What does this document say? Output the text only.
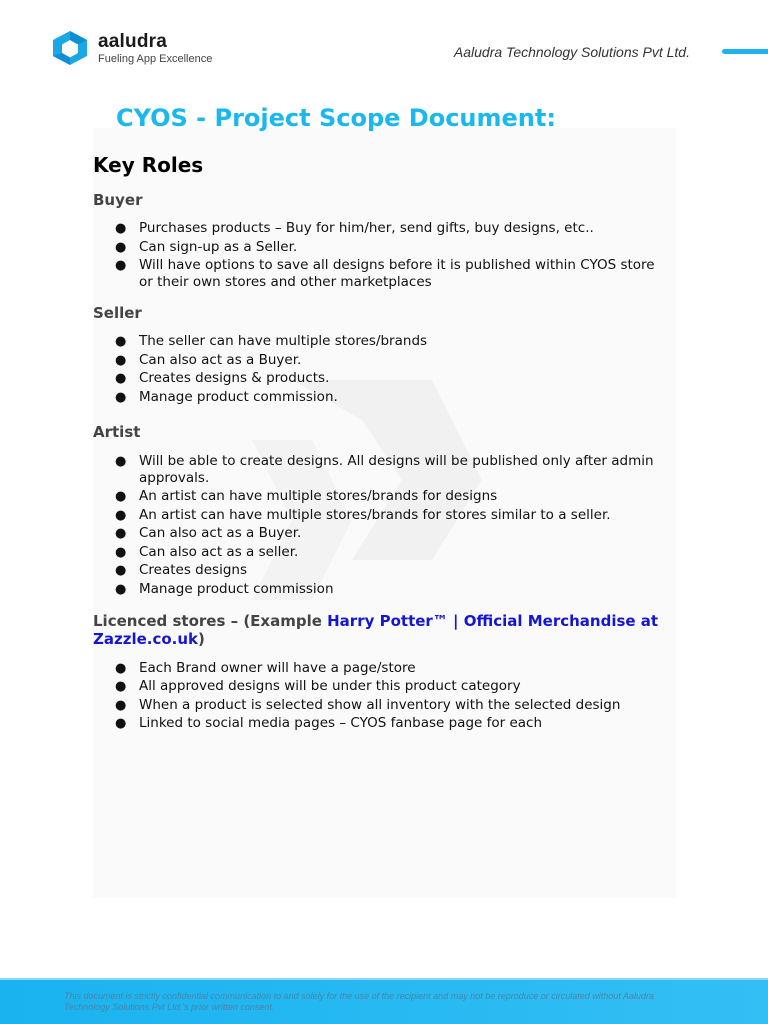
aaludra
Fueling App Excellence	Aaludra Technology Solutions Pvt Ltd.
CYOS - Project Scope Document:
Key Roles
Buyer
● Purchases products – Buy for him/her, send gifts, buy designs, etc..
● Can sign-up as a Seller.
● Will have options to save all designs before it is published within CYOS store or their own stores and other marketplaces
Seller
● The seller can have multiple stores/brands
● Can also act as a Buyer.
● Creates designs & products.
● Manage product commission.
Artist
● Will be able to create designs. All designs will be published only after admin approvals.
● An artist can have multiple stores/brands for designs
● An artist can have multiple stores/brands for stores similar to a seller.
● Can also act as a Buyer.
● Can also act as a seller.
● Creates designs
● Manage product commission
Licenced stores – (Example Harry Potter™ | Official Merchandise at Zazzle.co.uk)
● Each Brand owner will have a page/store
● All approved designs will be under this product category
● When a product is selected show all inventory with the selected design
● Linked to social media pages – CYOS fanbase page for each
This document is strictly confidential communication to and solely for the use of the recipient and may not be reproduce or circulated without Aaludra Technology Solutions Pvt Ltd.'s prior written consent.
